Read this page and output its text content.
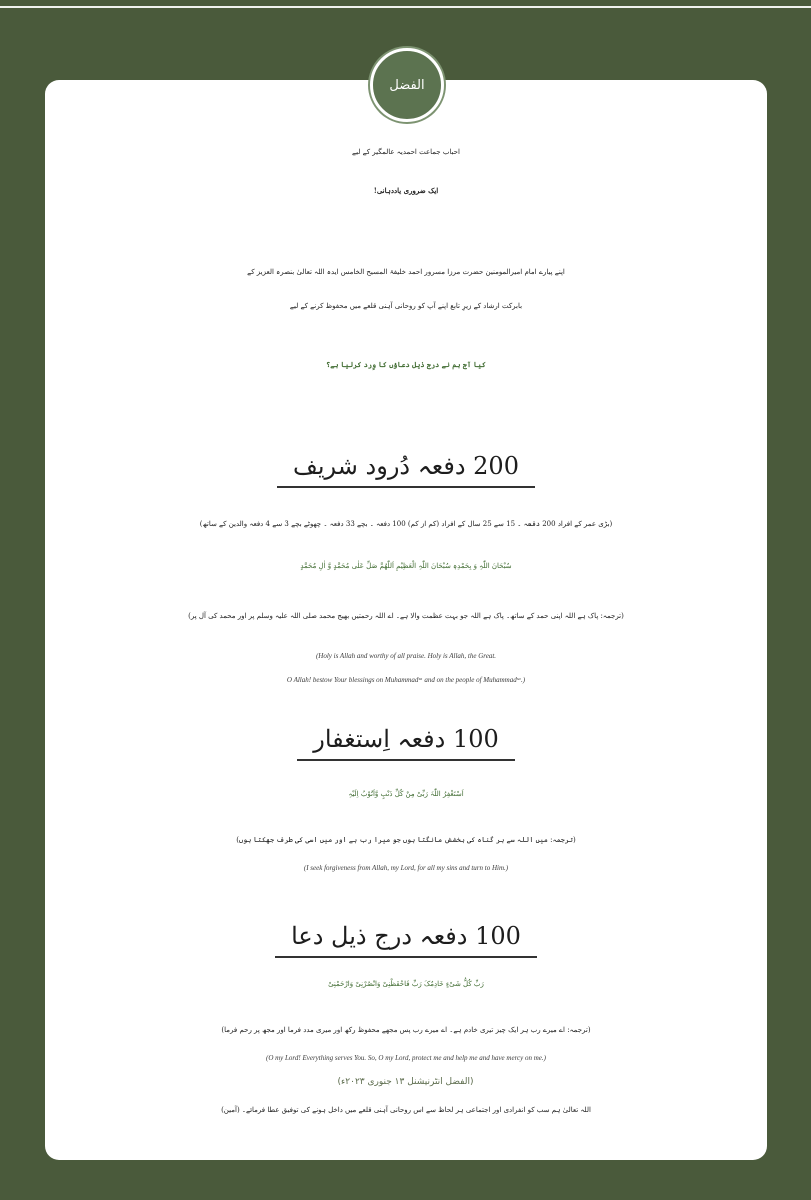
الفضل
احباب جماعت احمدیہ عالمگیر کے لیے
ایک ضروری یاددہانی!
اپنے پیارے امام امیرالمومنین حضرت مرزا مسرور احمد خلیفۃ المسیح الخامس ایدہ اللہ تعالیٰ بنصرہ العزیز کے
بابرکت ارشاد کے زیرِ تابع اپنے آپ کو روحانی آہنی قلعے میں محفوظ کرنے کے لیے
کیا آج ہم نے درج ذیل دعاؤں کا وِرد کرلیا ہے؟
200 دفعہ دُرود شریف
(بڑی عمر کے افراد 200 دفعہ ۔ 15 سے 25 سال کے افراد (کم از کم) 100 دفعہ ۔ بچے 33 دفعہ ۔ چھوٹے بچے 3 سے 4 دفعہ والدین کے ساتھ)
سُبْحَانَ اللّٰہِ وَ بِحَمْدِہٖ سُبْحَانَ اللّٰہِ الْعَظِیْمِ اَللّٰھُمَّ صَلِّ عَلٰی مُحَمَّدٍ وَّ اٰلِ مُحَمَّدٍ
(ترجمہ: پاک ہے اللہ اپنی حمد کے ساتھ۔ پاک ہے اللہ جو بہت عظمت والا ہے۔ اے اللہ رحمتیں بھیج محمد صلی اللہ علیہ وسلم پر اور محمد کی آل پر)
(Holy is Allah and worthy of all praise. Holy is Allah, the Great.
O Allah! bestow Your blessings on Muhammadˢᵃ and on the people of Muhammadˢᵃ.)
100 دفعہ اِستغفار
اَسْتَغْفِرُ اللّٰہَ رَبِّیْ مِنْ کُلِّ ذَنْبٍ وَّاَتُوْبُ اِلَیْہِ
(ترجمہ: میں اللہ سے ہر گناہ کی بخشش مانگتا ہوں جو میرا رب ہے اور میں اسی کی طرف جھکتا ہوں)
(I seek forgiveness from Allah, my Lord, for all my sins and turn to Him.)
100 دفعہ درج ذیل دعا
رَبِّ کُلُّ شَیْءٍ خَادِمُکَ رَبِّ فَاحْفَظْنِیْ وَانْصُرْنِیْ وَارْحَمْنِیْ
(ترجمہ: اے میرے رب ہر ایک چیز تیری خادم ہے۔ اے میرے رب پس مجھے محفوظ رکھ اور میری مدد فرما اور مجھ پر رحم فرما)
(O my Lord! Everything serves You. So, O my Lord, protect me and help me and have mercy on me.)
اللہ تعالیٰ ہم سب کو انفرادی اور اجتماعی ہر لحاظ سے اس روحانی آہنی قلعے میں داخل ہونے کی توفیق عطا فرمائے۔ (آمین)
(الفضل انٹرنیشنل ۱۳ جنوری ۲۰۲۳ء)
